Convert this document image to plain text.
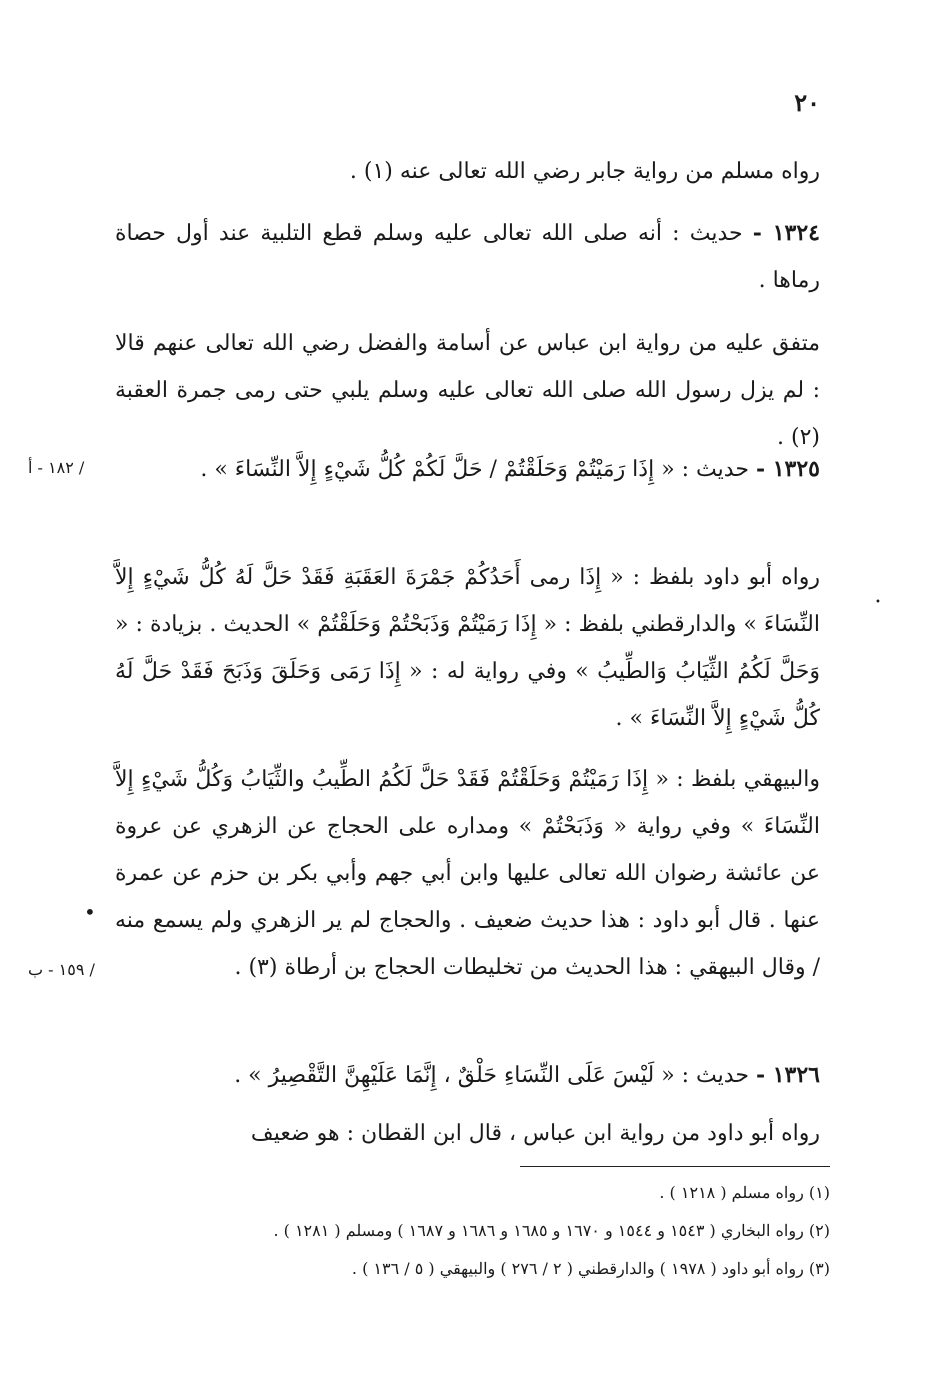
٢٠

رواه مسلم من رواية جابر رضي الله تعالى عنه (١) .

١٣٢٤ - حديث : أنه صلى الله تعالى عليه وسلم قطع التلبية عند أول حصاة رماها .

متفق عليه من رواية ابن عباس عن أسامة والفضل رضي الله تعالى عنهم قالا : لم يزل رسول الله صلى الله تعالى عليه وسلم يلبي حتى رمى جمرة العقبة (٢) .

١٣٢٥ - حديث : « إِذَا رَمَيْتُمْ وَحَلَقْتُمْ / حَلَّ لَكُمْ كُلُّ شَيْءٍ إِلاَّ النِّسَاءَ » .

رواه أبو داود بلفظ : « إِذَا رمى أَحَدُكُمْ جَمْرَةَ العَقَبَةِ فَقَدْ حَلَّ لَهُ كُلُّ شَيْءٍ إِلاَّ النِّسَاءَ » والدارقطني بلفظ : « إِذَا رَمَيْتُمْ وَذَبَحْتُمْ وَحَلَقْتُمْ » الحديث . بزيادة : « وَحَلَّ لَكُمُ الثِّيَابُ وَالطِّيبُ » وفي رواية له : « إِذَا رَمَى وَحَلَقَ وَذَبَحَ فَقَدْ حَلَّ لَهُ كُلُّ شَيْءٍ إِلاَّ النِّسَاءَ » .

والبيهقي بلفظ : « إِذَا رَمَيْتُمْ وَحَلَقْتُمْ فَقَدْ حَلَّ لَكُمُ الطِّيبُ والثِّيَابُ وَكُلُّ شَيْءٍ إِلاَّ النِّسَاءَ » وفي رواية « وَذَبَحْتُمْ » ومداره على الحجاج عن الزهري عن عروة عن عائشة رضوان الله تعالى عليها وابن أبي جهم وأبي بكر بن حزم عن عمرة عنها . قال أبو داود : هذا حديث ضعيف . والحجاج لم ير الزهري ولم يسمع منه / وقال البيهقي : هذا الحديث من تخليطات الحجاج بن أرطاة (٣) .

١٣٢٦ - حديث : « لَيْسَ عَلَى النِّسَاءِ حَلْقٌ ، إِنَّمَا عَلَيْهِنَّ التَّقْصِيرُ » .

رواه أبو داود من رواية ابن عباس ، قال ابن القطان : هو ضعيف

/ ١٨٢ - أ
/ ١٥٩ - ب
•
•

(١) رواه مسلم ( ١٢١٨ ) .

(٢) رواه البخاري ( ١٥٤٣ و ١٥٤٤ و ١٦٧٠ و ١٦٨٥ و ١٦٨٦ و ١٦٨٧ ) ومسلم ( ١٢٨١ ) .

(٣) رواه أبو داود ( ١٩٧٨ ) والدارقطني ( ٢ / ٢٧٦ ) والبيهقي ( ٥ / ١٣٦ ) .
